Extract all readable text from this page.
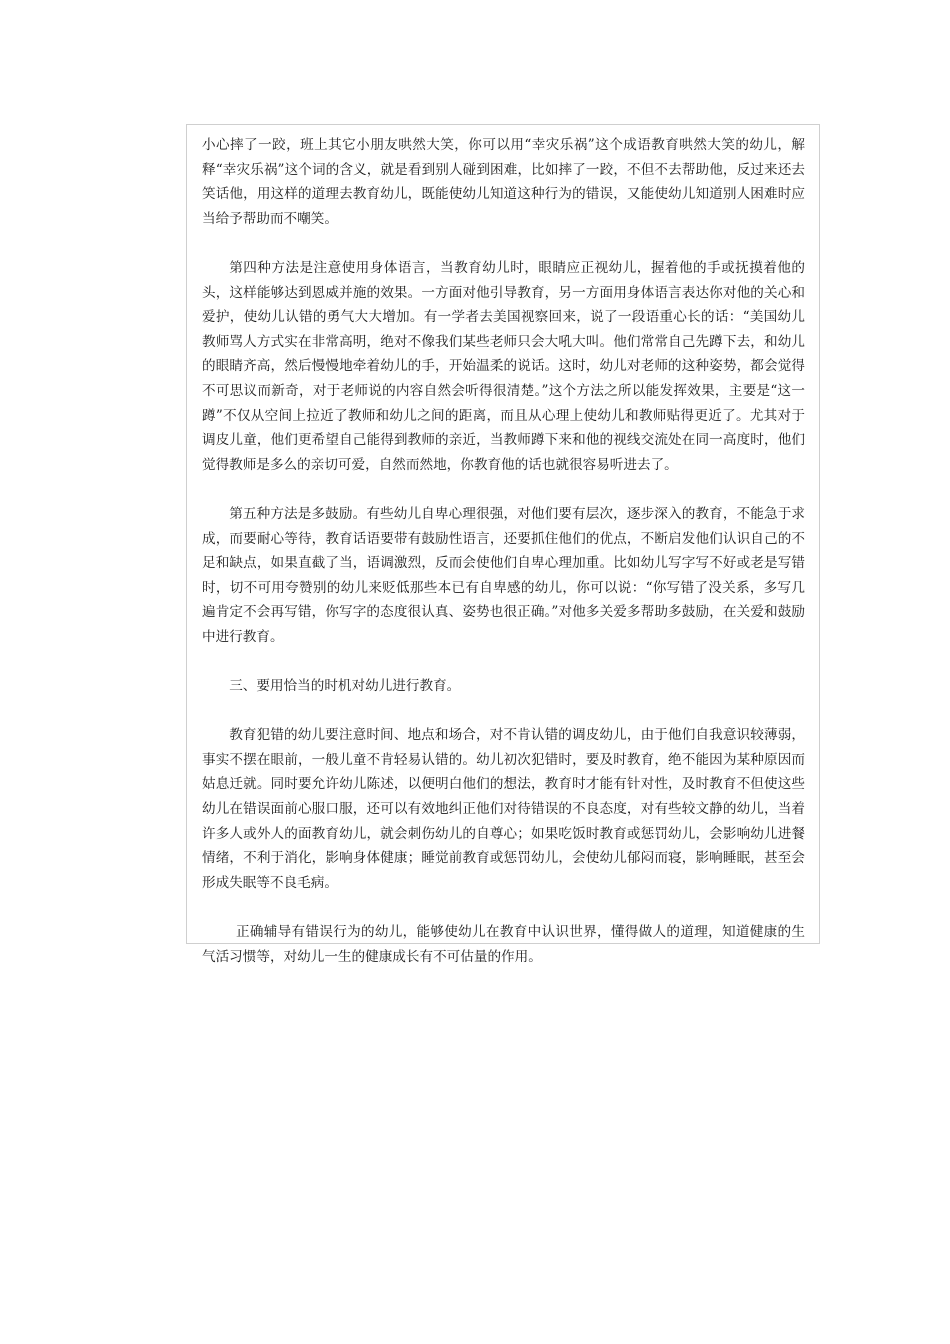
小心摔了一跤，班上其它小朋友哄然大笑，你可以用“幸灾乐祸”这个成语教育哄然大笑的幼儿，解释“幸灾乐祸”这个词的含义，就是看到别人碰到困难，比如摔了一跤，不但不去帮助他，反过来还去笑话他，用这样的道理去教育幼儿，既能使幼儿知道这种行为的错误，又能使幼儿知道别人困难时应当给予帮助而不嘲笑。

第四种方法是注意使用身体语言，当教育幼儿时，眼睛应正视幼儿，握着他的手或抚摸着他的头，这样能够达到恩威并施的效果。一方面对他引导教育，另一方面用身体语言表达你对他的关心和爱护，使幼儿认错的勇气大大增加。有一学者去美国视察回来，说了一段语重心长的话：“美国幼儿教师骂人方式实在非常高明，绝对不像我们某些老师只会大吼大叫。他们常常自己先蹲下去，和幼儿的眼睛齐高，然后慢慢地牵着幼儿的手，开始温柔的说话。这时，幼儿对老师的这种姿势，都会觉得不可思议而新奇，对于老师说的内容自然会听得很清楚。”这个方法之所以能发挥效果，主要是“这一蹲”不仅从空间上拉近了教师和幼儿之间的距离，而且从心理上使幼儿和教师贴得更近了。尤其对于调皮儿童，他们更希望自己能得到教师的亲近，当教师蹲下来和他的视线交流处在同一高度时，他们觉得教师是多么的亲切可爱，自然而然地，你教育他的话也就很容易听进去了。

第五种方法是多鼓励。有些幼儿自卑心理很强，对他们要有层次，逐步深入的教育，不能急于求成，而要耐心等待，教育话语要带有鼓励性语言，还要抓住他们的优点，不断启发他们认识自己的不足和缺点，如果直截了当，语调激烈，反而会使他们自卑心理加重。比如幼儿写字写不好或老是写错时，切不可用夸赞别的幼儿来贬低那些本已有自卑感的幼儿，你可以说：“你写错了没关系，多写几遍肯定不会再写错，你写字的态度很认真、姿势也很正确。”对他多关爱多帮助多鼓励，在关爱和鼓励中进行教育。

三、要用恰当的时机对幼儿进行教育。

教育犯错的幼儿要注意时间、地点和场合，对不肯认错的调皮幼儿，由于他们自我意识较薄弱，事实不摆在眼前，一般儿童不肯轻易认错的。幼儿初次犯错时，要及时教育，绝不能因为某种原因而姑息迁就。同时要允许幼儿陈述，以便明白他们的想法，教育时才能有针对性，及时教育不但使这些幼儿在错误面前心服口服，还可以有效地纠正他们对待错误的不良态度，对有些较文静的幼儿，当着许多人或外人的面教育幼儿，就会刺伤幼儿的自尊心；如果吃饭时教育或惩罚幼儿，会影响幼儿进餐情绪，不利于消化，影响身体健康；睡觉前教育或惩罚幼儿，会使幼儿郁闷而寝，影响睡眠，甚至会形成失眠等不良毛病。

正确辅导有错误行为的幼儿，能够使幼儿在教育中认识世界，懂得做人的道理，知道健康的生气活习惯等，对幼儿一生的健康成长有不可估量的作用。
